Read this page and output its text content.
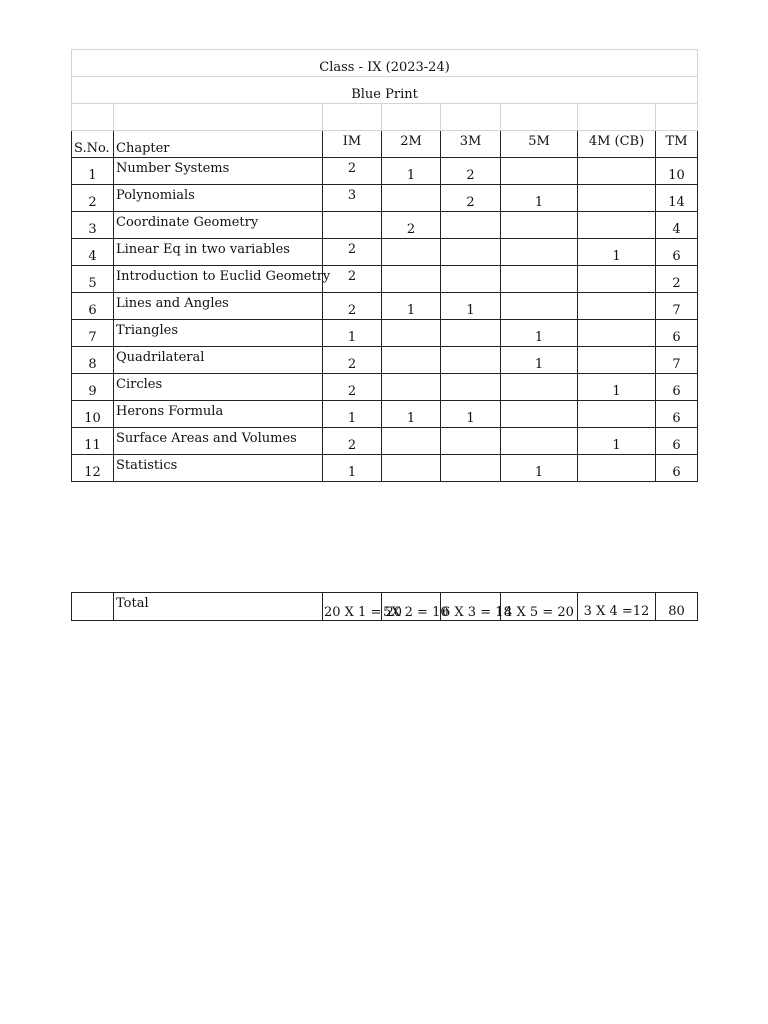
Class - IX (2023-24)							
Blue Print							

S.No.	Chapter	IM	2M	3M	5M	4M (CB)	TM
1	Number Systems	2	1	2			10
2	Polynomials	3		2	1		14
3	Coordinate Geometry		2				4
4	Linear Eq in two variables	2				1	6
5	Introduction to Euclid Geometry	2					2
6	Lines and Angles	2	1	1			7
7	Triangles	1			1		6
8	Quadrilateral	2			1		7
9	Circles	2				1	6
10	Herons Formula	1	1	1			6
11	Surface Areas and Volumes	2				1	6
12	Statistics	1			1		6
	Total	20 X 1 = 20	5X 2 = 10	6 X 3 = 18	4 X 5 = 20	3 X 4 =12	80
